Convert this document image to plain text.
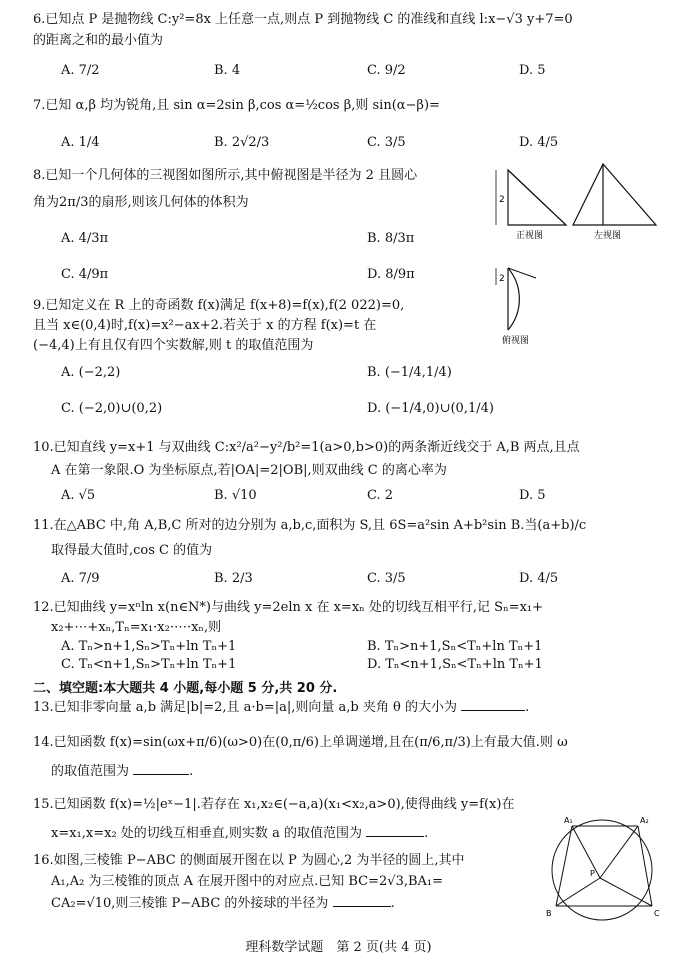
6.已知点 P 是抛物线 C:y²=8x 上任意一点,则点 P 到抛物线 C 的准线和直线 l:x−√3 y+7=0
的距离之和的最小值为
A. 7/2	B. 4	C. 9/2	D. 5
7.已知 α,β 均为锐角,且 sin α=2sin β,cos α=½cos β,则 sin(α−β)=
A. 1/4	B. 2√2/3	C. 3/5	D. 4/5
8.已知一个几何体的三视图如图所示,其中俯视图是半径为 2 且圆心
角为2π/3的扇形,则该几何体的体积为
A. 4/3π	B. 8/3π
C. 4/9π	D. 8/9π
2
正视图	左视图
2
俯视图
9.已知定义在 R 上的奇函数 f(x)满足 f(x+8)=f(x),f(2 022)=0,
且当 x∈(0,4)时,f(x)=x²−ax+2.若关于 x 的方程 f(x)=t 在
(−4,4)上有且仅有四个实数解,则 t 的取值范围为
A. (−2,2)	B. (−1/4,1/4)
C. (−2,0)∪(0,2)	D. (−1/4,0)∪(0,1/4)
10.已知直线 y=x+1 与双曲线 C:x²/a²−y²/b²=1(a>0,b>0)的两条渐近线交于 A,B 两点,且点
A 在第一象限.O 为坐标原点,若|OA|=2|OB|,则双曲线 C 的离心率为
A. √5	B. √10	C. 2	D. 5
11.在△ABC 中,角 A,B,C 所对的边分别为 a,b,c,面积为 S,且 6S=a²sin A+b²sin B.当(a+b)/c
取得最大值时,cos C 的值为
A. 7/9	B. 2/3	C. 3/5	D. 4/5
12.已知曲线 y=xⁿln x(n∈N*)与曲线 y=2eln x 在 x=xₙ 处的切线互相平行,记 Sₙ=x₁+
x₂+⋯+xₙ,Tₙ=x₁·x₂·⋯·xₙ,则
A. Tₙ>n+1,Sₙ>Tₙ+ln Tₙ+1	B. Tₙ>n+1,Sₙ<Tₙ+ln Tₙ+1
C. Tₙ<n+1,Sₙ>Tₙ+ln Tₙ+1	D. Tₙ<n+1,Sₙ<Tₙ+ln Tₙ+1
二、填空题:本大题共 4 小题,每小题 5 分,共 20 分.
13.已知非零向量 a,b 满足|b|=2,且 a·b=|a|,则向量 a,b 夹角 θ 的大小为	.
14.已知函数 f(x)=sin(ωx+π/6)(ω>0)在(0,π/6)上单调递增,且在(π/6,π/3)上有最大值.则 ω
的取值范围为	.
15.已知函数 f(x)=½|eˣ−1|.若存在 x₁,x₂∈(−a,a)(x₁<x₂,a>0),使得曲线 y=f(x)在
x=x₁,x=x₂ 处的切线互相垂直,则实数 a 的取值范围为	.
16.如图,三棱锥 P−ABC 的侧面展开图在以 P 为圆心,2 为半径的圆上,其中
A₁,A₂ 为三棱锥的顶点 A 在展开图中的对应点.已知 BC=2√3,BA₁=
CA₂=√10,则三棱锥 P−ABC 的外接球的半径为	.
A₁	A₂
B	C
P
理科数学试题　第 2 页(共 4 页)
